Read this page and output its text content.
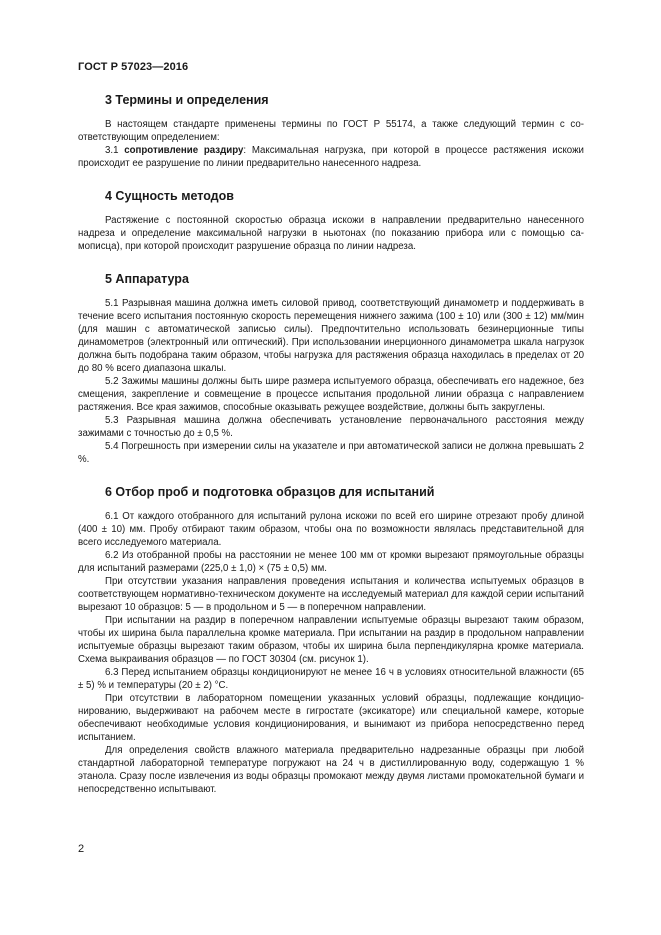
ГОСТ Р 57023—2016
3 Термины и определения

В настоящем стандарте применены термины по ГОСТ Р 55174, а также следующий термин с соответствующим определением:

3.1 сопротивление раздиру: Максимальная нагрузка, при которой в процессе растяжения искожи происходит ее разрушение по линии предварительно нанесенного надреза.

4 Сущность методов

Растяжение с постоянной скоростью образца искожи в направлении предварительно нанесенного надреза и определение максимальной нагрузки в ньютонах (по показанию прибора или с помощью самописца), при которой происходит разрушение образца по линии надреза.

5 Аппаратура

5.1 Разрывная машина должна иметь силовой привод, соответствующий динамометр и поддерживать в течение всего испытания постоянную скорость перемещения нижнего зажима (100 ± 10) или (300 ± 12) мм/мин (для машин с автоматической записью силы). Предпочтительно использовать безинерционные типы динамометров (электронный или оптический). При использовании инерционного динамометра шкала нагрузок должна быть подобрана таким образом, чтобы нагрузка для растяжения образца находилась в пределах от 20 до 80 % всего диапазона шкалы.

5.2 Зажимы машины должны быть шире размера испытуемого образца, обеспечивать его надежное, без смещения, закрепление и совмещение в процессе испытания продольной линии образца с направлением растяжения. Все края зажимов, способные оказывать режущее воздействие, должны быть закруглены.

5.3 Разрывная машина должна обеспечивать установление первоначального расстояния между зажимами с точностью до ± 0,5 %.

5.4 Погрешность при измерении силы на указателе и при автоматической записи не должна превышать 2 %.

6 Отбор проб и подготовка образцов для испытаний

6.1 От каждого отобранного для испытаний рулона искожи по всей его ширине отрезают пробу длиной (400 ± 10) мм. Пробу отбирают таким образом, чтобы она по возможности являлась представительной для всего исследуемого материала.

6.2 Из отобранной пробы на расстоянии не менее 100 мм от кромки вырезают прямоугольные образцы для испытаний размерами (225,0 ± 1,0) × (75 ± 0,5) мм.

При отсутствии указания направления проведения испытания и количества испытуемых образцов в соответствующем нормативно-техническом документе на исследуемый материал для каждой серии испытаний вырезают 10 образцов: 5 — в продольном и 5 — в поперечном направлении.

При испытании на раздир в поперечном направлении испытуемые образцы вырезают таким образом, чтобы их ширина была параллельна кромке материала. При испытании на раздир в продольном направлении испытуемые образцы вырезают таким образом, чтобы их ширина была перпендикулярна кромке материала. Схема выкраивания образцов — по ГОСТ 30304 (см. рисунок 1).

6.3 Перед испытанием образцы кондиционируют не менее 16 ч в условиях относительной влажности (65 ± 5) % и температуры (20 ± 2) °С.

При отсутствии в лабораторном помещении указанных условий образцы, подлежащие кондиционированию, выдерживают на рабочем месте в гигростате (эксикаторе) или специальной камере, которые обеспечивают необходимые условия кондиционирования, и вынимают из прибора непосредственно перед испытанием.

Для определения свойств влажного материала предварительно надрезанные образцы при любой стандартной лабораторной температуре погружают на 24 ч в дистиллированную воду, содержащую 1 % этанола. Сразу после извлечения из воды образцы промокают между двумя листами промокательной бумаги и непосредственно испытывают.

2
